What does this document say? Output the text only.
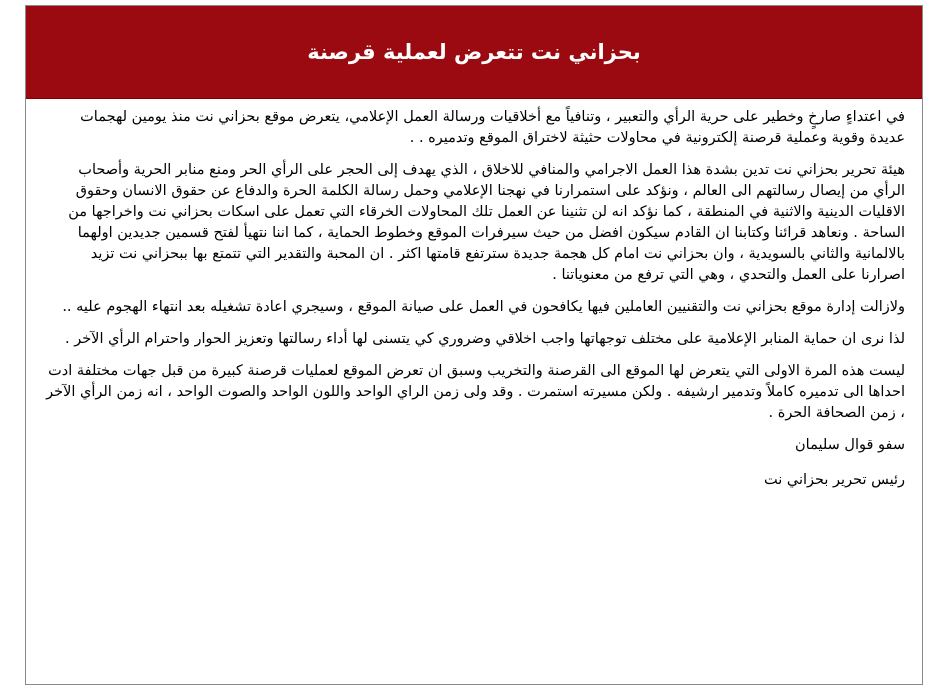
بحزاني نت تتعرض لعملية قرصنة

في اعتداءٍ صارخٍ وخطير على حرية الرأي والتعبير ، وتنافياً مع أخلاقيات ورسالة العمل الإعلامي، يتعرض موقع بحزاني نت منذ يومين لهجمات عديدة وقوية وعملية قرصنة إلكترونية في محاولات حثيثة لاختراق الموقع وتدميره . .

هيئة تحرير بحزاني نت تدين بشدة هذا العمل الاجرامي والمنافي للاخلاق ، الذي يهدف إلى الحجر على الرأي الحر ومنع منابر الحرية وأصحاب الرأي من إيصال رسالتهم الى العالم ، ونؤكد على استمرارنا في نهجنا الإعلامي وحمل رسالة الكلمة الحرة والدفاع عن حقوق الانسان وحقوق الاقليات الدينية والاثنية في المنطقة ، كما نؤكد انه لن تثنينا عن العمل تلك المحاولات الخرقاء التي تعمل على اسكات بحزاني نت واخراجها من الساحة . ونعاهد قرائنا وكتابنا ان القادم سيكون افضل من حيث سيرفرات الموقع وخطوط الحماية ، كما اننا نتهيأ لفتح قسمين جديدين اولهما بالالمانية والثاني بالسويدية ، وان بحزاني نت امام كل هجمة جديدة سترتفع قامتها اكثر . ان المحبة والتقدير التي تتمتع بها ببحزاني نت تزيد اصرارنا على العمل والتحدي ، وهي التي ترفع من معنوياتنا .

ولازالت إدارة موقع بحزاني نت والتقنيين العاملين فيها يكافحون في العمل على صيانة الموقع ، وسيجري اعادة تشغيله بعد انتهاء الهجوم عليه ..

لذا نرى ان حماية المنابر الإعلامية على مختلف توجهاتها واجب اخلاقي وضروري كي يتسنى لها أداء رسالتها وتعزيز الحوار واحترام الرأي الآخر .

ليست هذه المرة الاولى التي يتعرض لها الموقع الى القرصنة والتخريب وسبق ان تعرض الموقع لعمليات قرصنة كبيرة من قبل جهات مختلفة ادت احداها الى تدميره كاملاً وتدمير ارشيفه . ولكن مسيرته استمرت . وقد ولى زمن الراي الواحد واللون الواحد والصوت الواحد ، انه زمن الرأي الآخر ، زمن الصحافة الحرة .

سفو قوال سليمان

رئيس تحرير بحزاني نت
